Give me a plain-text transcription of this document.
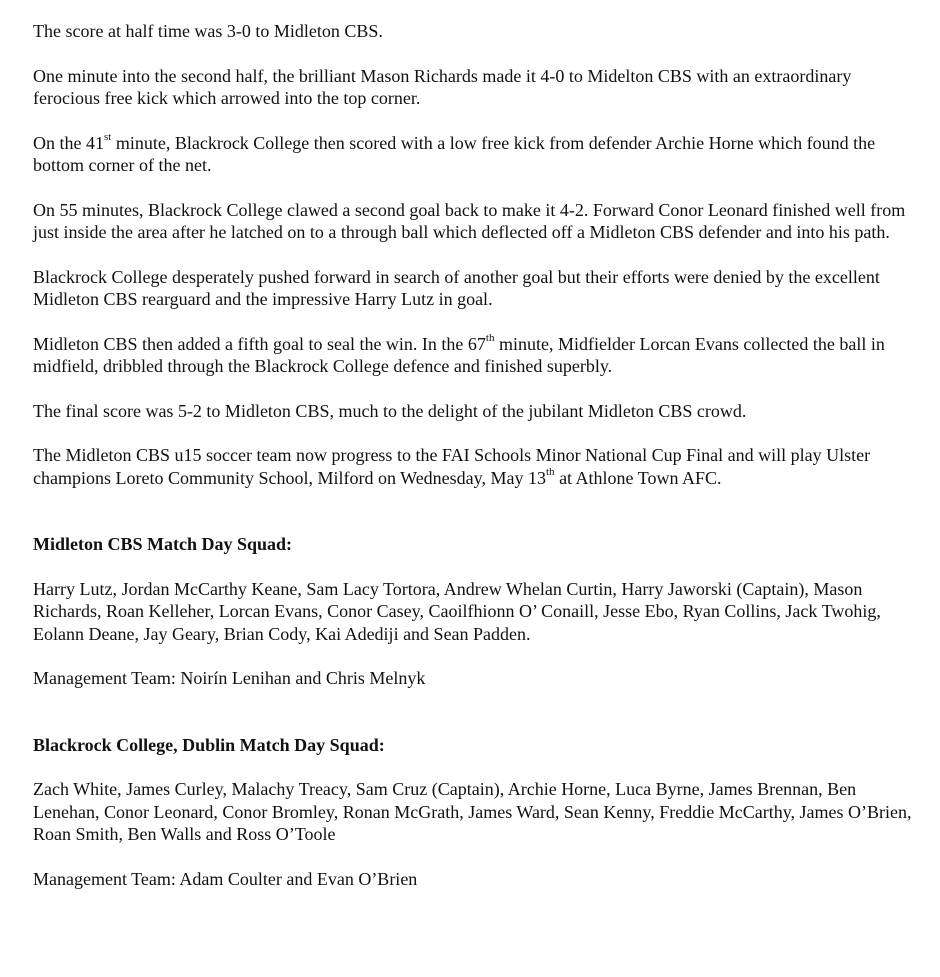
The score at half time was 3-0 to Midleton CBS.

One minute into the second half, the brilliant Mason Richards made it 4-0 to Midelton CBS with an extraordinary ferocious free kick which arrowed into the top corner.

On the 41st minute, Blackrock College then scored with a low free kick from defender Archie Horne which found the bottom corner of the net.

On 55 minutes, Blackrock College clawed a second goal back to make it 4-2. Forward Conor Leonard finished well from just inside the area after he latched on to a through ball which deflected off a Midleton CBS defender and into his path.

Blackrock College desperately pushed forward in search of another goal but their efforts were denied by the excellent Midleton CBS rearguard and the impressive Harry Lutz in goal.

Midleton CBS then added a fifth goal to seal the win. In the 67th minute, Midfielder Lorcan Evans collected the ball in midfield, dribbled through the Blackrock College defence and finished superbly.

The final score was 5-2 to Midleton CBS, much to the delight of the jubilant Midleton CBS crowd.

The Midleton CBS u15 soccer team now progress to the FAI Schools Minor National Cup Final and will play Ulster champions Loreto Community School, Milford on Wednesday, May 13th at Athlone Town AFC.

Midleton CBS Match Day Squad:

Harry Lutz, Jordan McCarthy Keane, Sam Lacy Tortora, Andrew Whelan Curtin, Harry Jaworski (Captain), Mason Richards, Roan Kelleher, Lorcan Evans, Conor Casey, Caoilfhionn O’ Conaill, Jesse Ebo, Ryan Collins, Jack Twohig, Eolann Deane, Jay Geary, Brian Cody, Kai Adediji and Sean Padden.

Management Team: Noirín Lenihan and Chris Melnyk

Blackrock College, Dublin Match Day Squad:

Zach White, James Curley, Malachy Treacy, Sam Cruz (Captain), Archie Horne, Luca Byrne, James Brennan, Ben Lenehan, Conor Leonard, Conor Bromley, Ronan McGrath, James Ward, Sean Kenny, Freddie McCarthy, James O’Brien, Roan Smith, Ben Walls and Ross O’Toole

Management Team: Adam Coulter and Evan O’Brien
